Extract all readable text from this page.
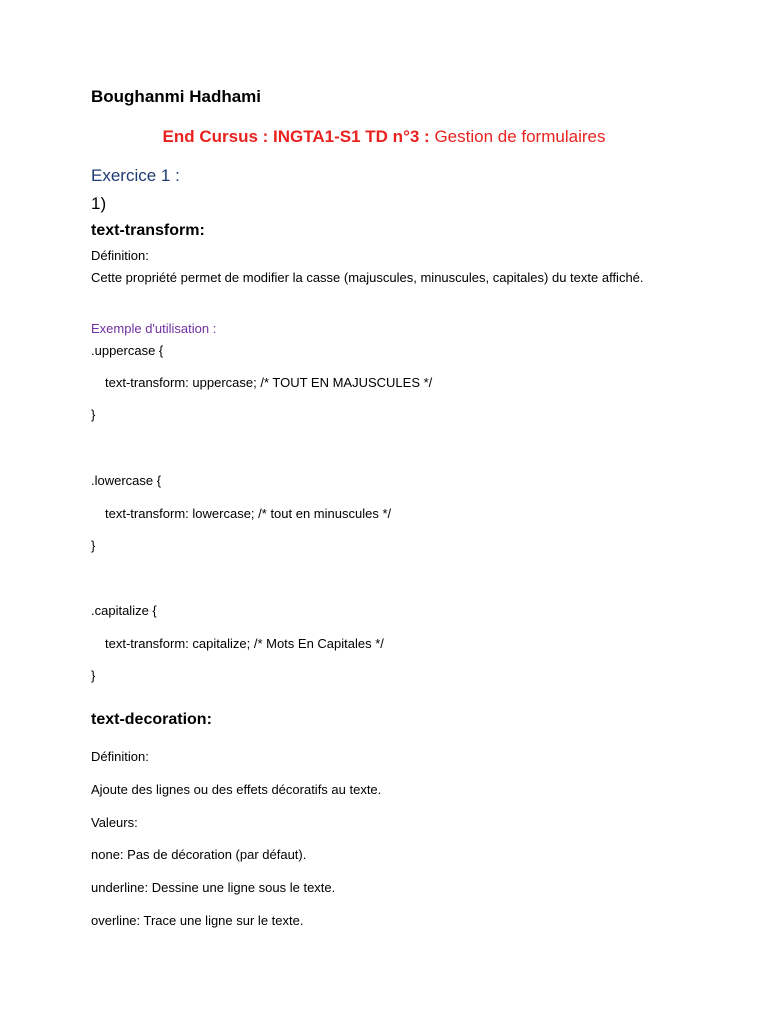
Boughanmi Hadhami
End Cursus : INGTA1-S1 TD n°3 : Gestion de formulaires
Exercice 1 :
1)
text-transform:
Définition:
Cette propriété permet de modifier la casse (majuscules, minuscules, capitales) du texte affiché.
Exemple d'utilisation :
.uppercase {
text-transform: uppercase; /* TOUT EN MAJUSCULES */
}
.lowercase {
text-transform: lowercase; /* tout en minuscules */
}
.capitalize {
text-transform: capitalize; /* Mots En Capitales */
}
text-decoration:
Définition:
Ajoute des lignes ou des effets décoratifs au texte.
Valeurs:
none: Pas de décoration (par défaut).
underline: Dessine une ligne sous le texte.
overline: Trace une ligne sur le texte.
